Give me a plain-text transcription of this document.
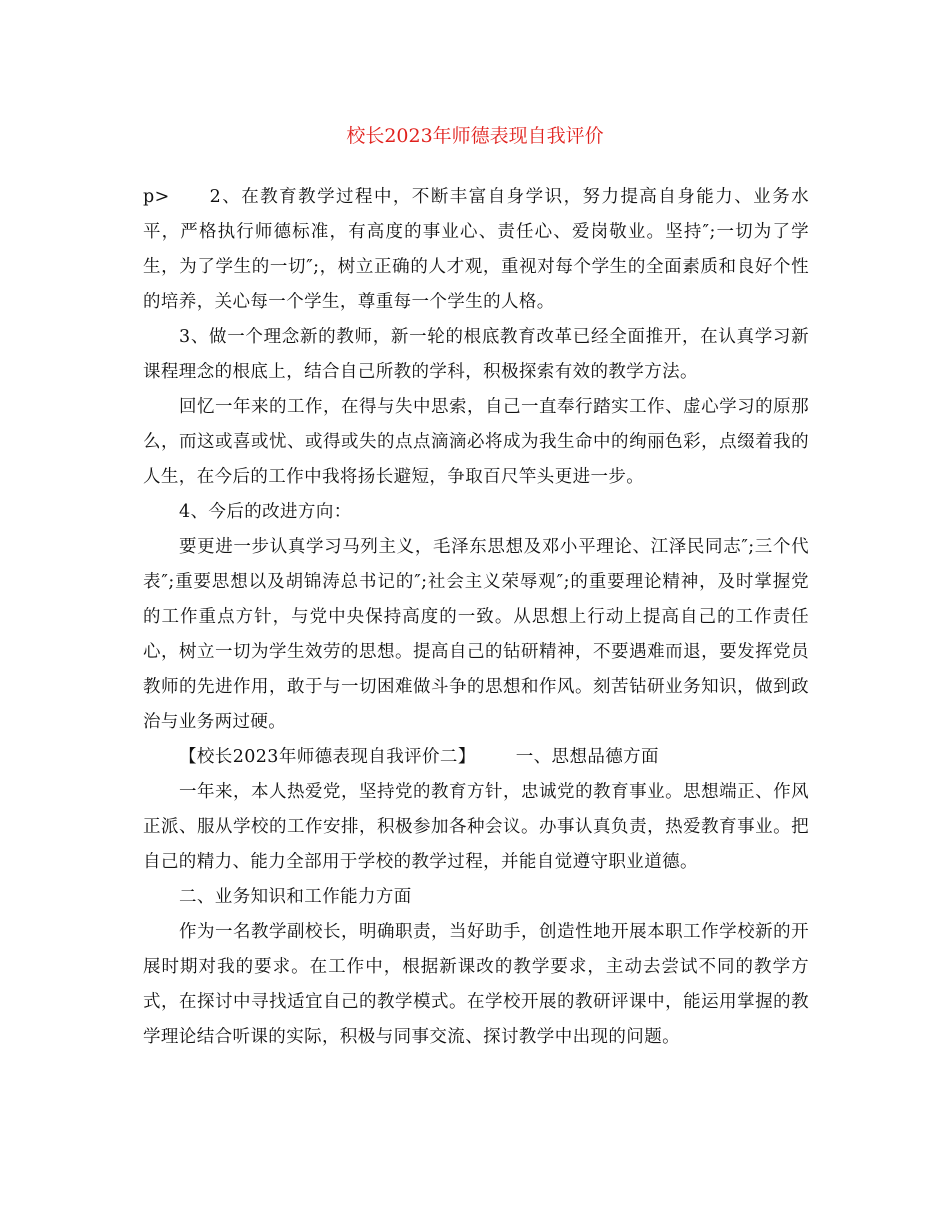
校长2023年师德表现自我评价

p> 2、在教育教学过程中，不断丰富自身学识，努力提高自身能力、业务水平，严格执行师德标准，有高度的事业心、责任心、爱岗敬业。坚持″;一切为了学生，为了学生的一切″;，树立正确的人才观，重视对每个学生的全面素质和良好个性的培养，关心每一个学生，尊重每一个学生的人格。

3、做一个理念新的教师，新一轮的根底教育改革已经全面推开，在认真学习新课程理念的根底上，结合自己所教的学科，积极探索有效的教学方法。

回忆一年来的工作，在得与失中思索，自己一直奉行踏实工作、虚心学习的原那么，而这或喜或忧、或得或失的点点滴滴必将成为我生命中的绚丽色彩，点缀着我的人生，在今后的工作中我将扬长避短，争取百尺竿头更进一步。

4、今后的改进方向：

要更进一步认真学习马列主义，毛泽东思想及邓小平理论、江泽民同志″;三个代表″;重要思想以及胡锦涛总书记的″;社会主义荣辱观″;的重要理论精神，及时掌握党的工作重点方针，与党中央保持高度的一致。从思想上行动上提高自己的工作责任心，树立一切为学生效劳的思想。提高自己的钻研精神，不要遇难而退，要发挥党员教师的先进作用，敢于与一切困难做斗争的思想和作风。刻苦钻研业务知识，做到政治与业务两过硬。

【校长2023年师德表现自我评价二】 一、思想品德方面

一年来，本人热爱党，坚持党的教育方针，忠诚党的教育事业。思想端正、作风正派、服从学校的工作安排，积极参加各种会议。办事认真负责，热爱教育事业。把自己的精力、能力全部用于学校的教学过程，并能自觉遵守职业道德。

二、业务知识和工作能力方面

作为一名教学副校长，明确职责，当好助手，创造性地开展本职工作学校新的开展时期对我的要求。在工作中，根据新课改的教学要求，主动去尝试不同的教学方式，在探讨中寻找适宜自己的教学模式。在学校开展的教研评课中，能运用掌握的教学理论结合听课的实际，积极与同事交流、探讨教学中出现的问题。
